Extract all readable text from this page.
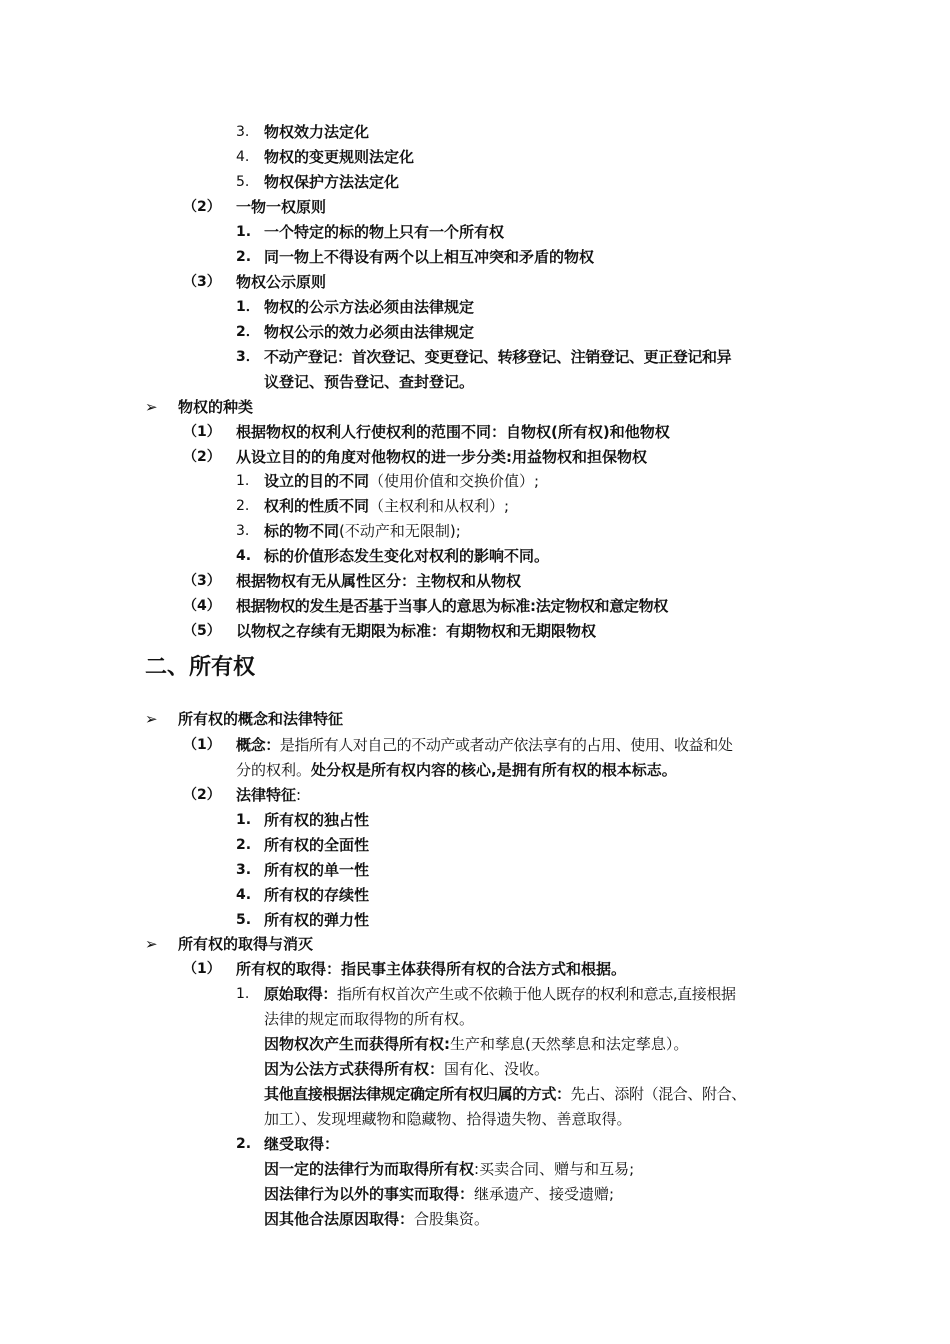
3. 物权效力法定化
4. 物权的变更规则法定化
5. 物权保护方法法定化
（2） 一物一权原则
1. 一个特定的标的物上只有一个所有权
2. 同一物上不得设有两个以上相互冲突和矛盾的物权
（3） 物权公示原则
1． 物权的公示方法必须由法律规定
2． 物权公示的效力必须由法律规定
3． 不动产登记：首次登记、变更登记、转移登记、注销登记、更正登记和异
议登记、预告登记、查封登记。
➢ 物权的种类
（1） 根据物权的权利人行使权利的范围不同：自物权(所有权)和他物权
（2） 从设立目的的角度对他物权的进一步分类:用益物权和担保物权
1. 设立的目的不同（使用价值和交换价值）;
2. 权利的性质不同（主权利和从权利）;
3. 标的物不同(不动产和无限制);
4. 标的价值形态发生变化对权利的影响不同。
（3） 根据物权有无从属性区分：主物权和从物权
（4） 根据物权的发生是否基于当事人的意思为标准:法定物权和意定物权
（5） 以物权之存续有无期限为标准：有期物权和无期限物权
二、所有权
➢ 所有权的概念和法律特征
（1） 概念：是指所有人对自己的不动产或者动产依法享有的占用、使用、收益和处
分的权利。处分权是所有权内容的核心,是拥有所有权的根本标志。
（2） 法律特征:
1. 所有权的独占性
2. 所有权的全面性
3. 所有权的单一性
4. 所有权的存续性
5. 所有权的弹力性
➢ 所有权的取得与消灭
（1） 所有权的取得：指民事主体获得所有权的合法方式和根据。
1. 原始取得：指所有权首次产生或不依赖于他人既存的权利和意志,直接根据
法律的规定而取得物的所有权。
因物权次产生而获得所有权:生产和孳息(天然孳息和法定孳息）。
因为公法方式获得所有权：国有化、没收。
其他直接根据法律规定确定所有权归属的方式：先占、添附（混合、附合、
加工）、发现埋藏物和隐藏物、拾得遗失物、善意取得。
2. 继受取得：
因一定的法律行为而取得所有权:买卖合同、赠与和互易;
因法律行为以外的事实而取得：继承遗产、接受遗赠;
因其他合法原因取得：合股集资。
